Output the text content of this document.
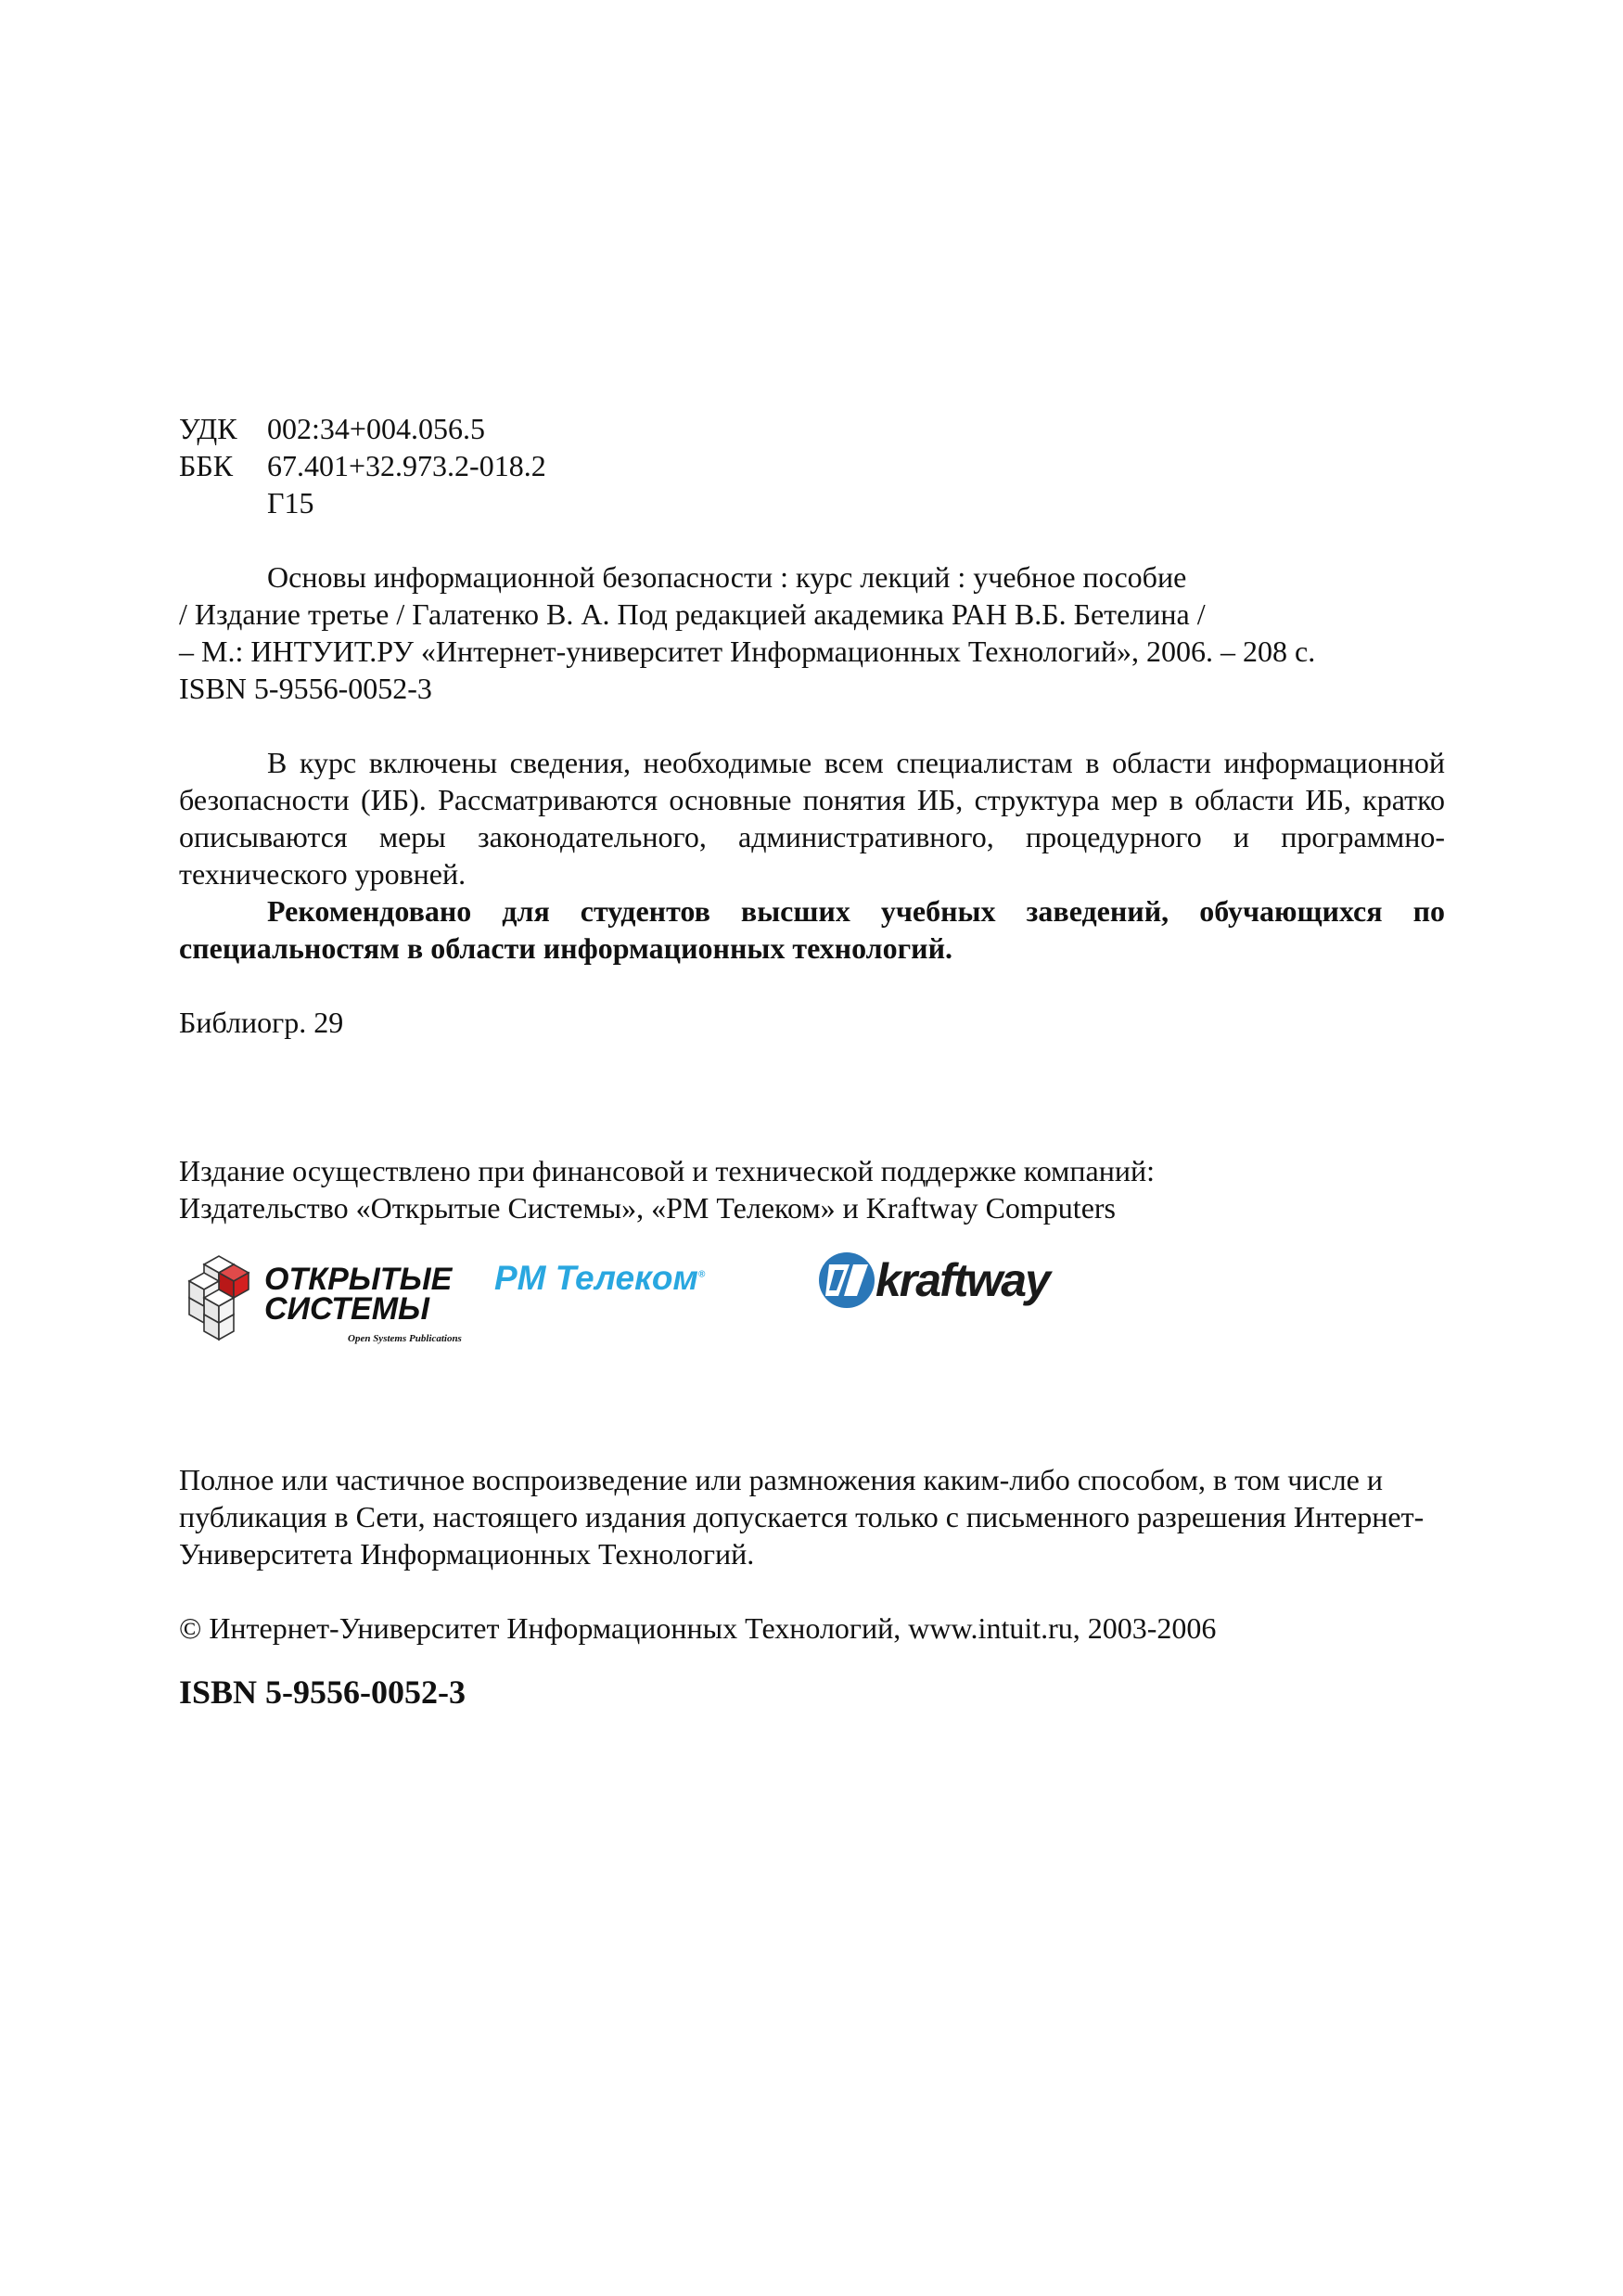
УДК	002:34+004.056.5
ББК	67.401+32.973.2-018.2
Г15
Основы информационной безопасности : курс лекций : учебное пособие
/ Издание третье / Галатенко В. А. Под редакцией академика РАН В.Б. Бетелина /
– М.: ИНТУИТ.РУ «Интернет-университет Информационных Технологий», 2006. – 208 с.
ISBN 5-9556-0052-3
В курс включены сведения, необходимые всем специалистам в области информационной безопасности (ИБ). Рассматриваются основные понятия ИБ, структура мер в области ИБ, кратко описываются меры законодательного, административного, процедурного и программно-технического уровней.
Рекомендовано для студентов высших учебных заведений, обучающихся по специальностям в области информационных технологий.
Библиогр. 29
Издание осуществлено при финансовой и технической поддержке компаний:
Издательство «Открытые Системы», «РМ Телеком» и Kraftway Computers
ОТКРЫТЫЕ
СИСТЕМЫ
Open Systems Publications
РМ Телеком®	kraftway
Полное или частичное воспроизведение или размножения каким-либо способом, в том числе и публикация в Сети, настоящего издания допускается только с письменного разрешения Интернет-Университета Информационных Технологий.
© Интернет-Университет Информационных Технологий, www.intuit.ru, 2003-2006
ISBN 5-9556-0052-3
